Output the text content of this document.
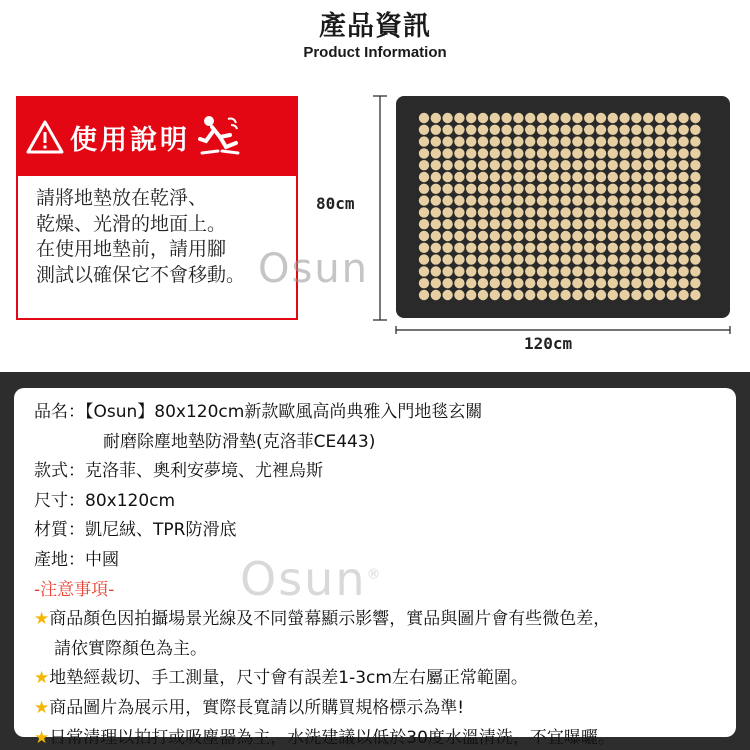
產品資訊
Product Information
使用說明
請將地墊放在乾淨、
乾燥、光滑的地面上。
在使用地墊前，請用腳
測試以確保它不會移動。 Osun
80cm
120cm
品名：【Osun】80x120cm新款歐風高尚典雅入門地毯玄關
耐磨除塵地墊防滑墊(克洛菲CE443)
款式：克洛菲、奧利安夢境、尤裡烏斯
尺寸：80x120cm
材質：凱尼絨、TPR防滑底
產地：中國
-注意事項-
★商品顏色因拍攝場景光線及不同螢幕顯示影響，實品與圖片會有些微色差，
請依實際顏色為主。
★地墊經裁切、手工測量，尺寸會有誤差1-3cm左右屬正常範圍。
★商品圖片為展示用，實際長寬請以所購買規格標示為準!
★日常清理以拍打或吸塵器為主，水洗建議以低於30度水溫清洗，不宜曝曬。
Osun®
